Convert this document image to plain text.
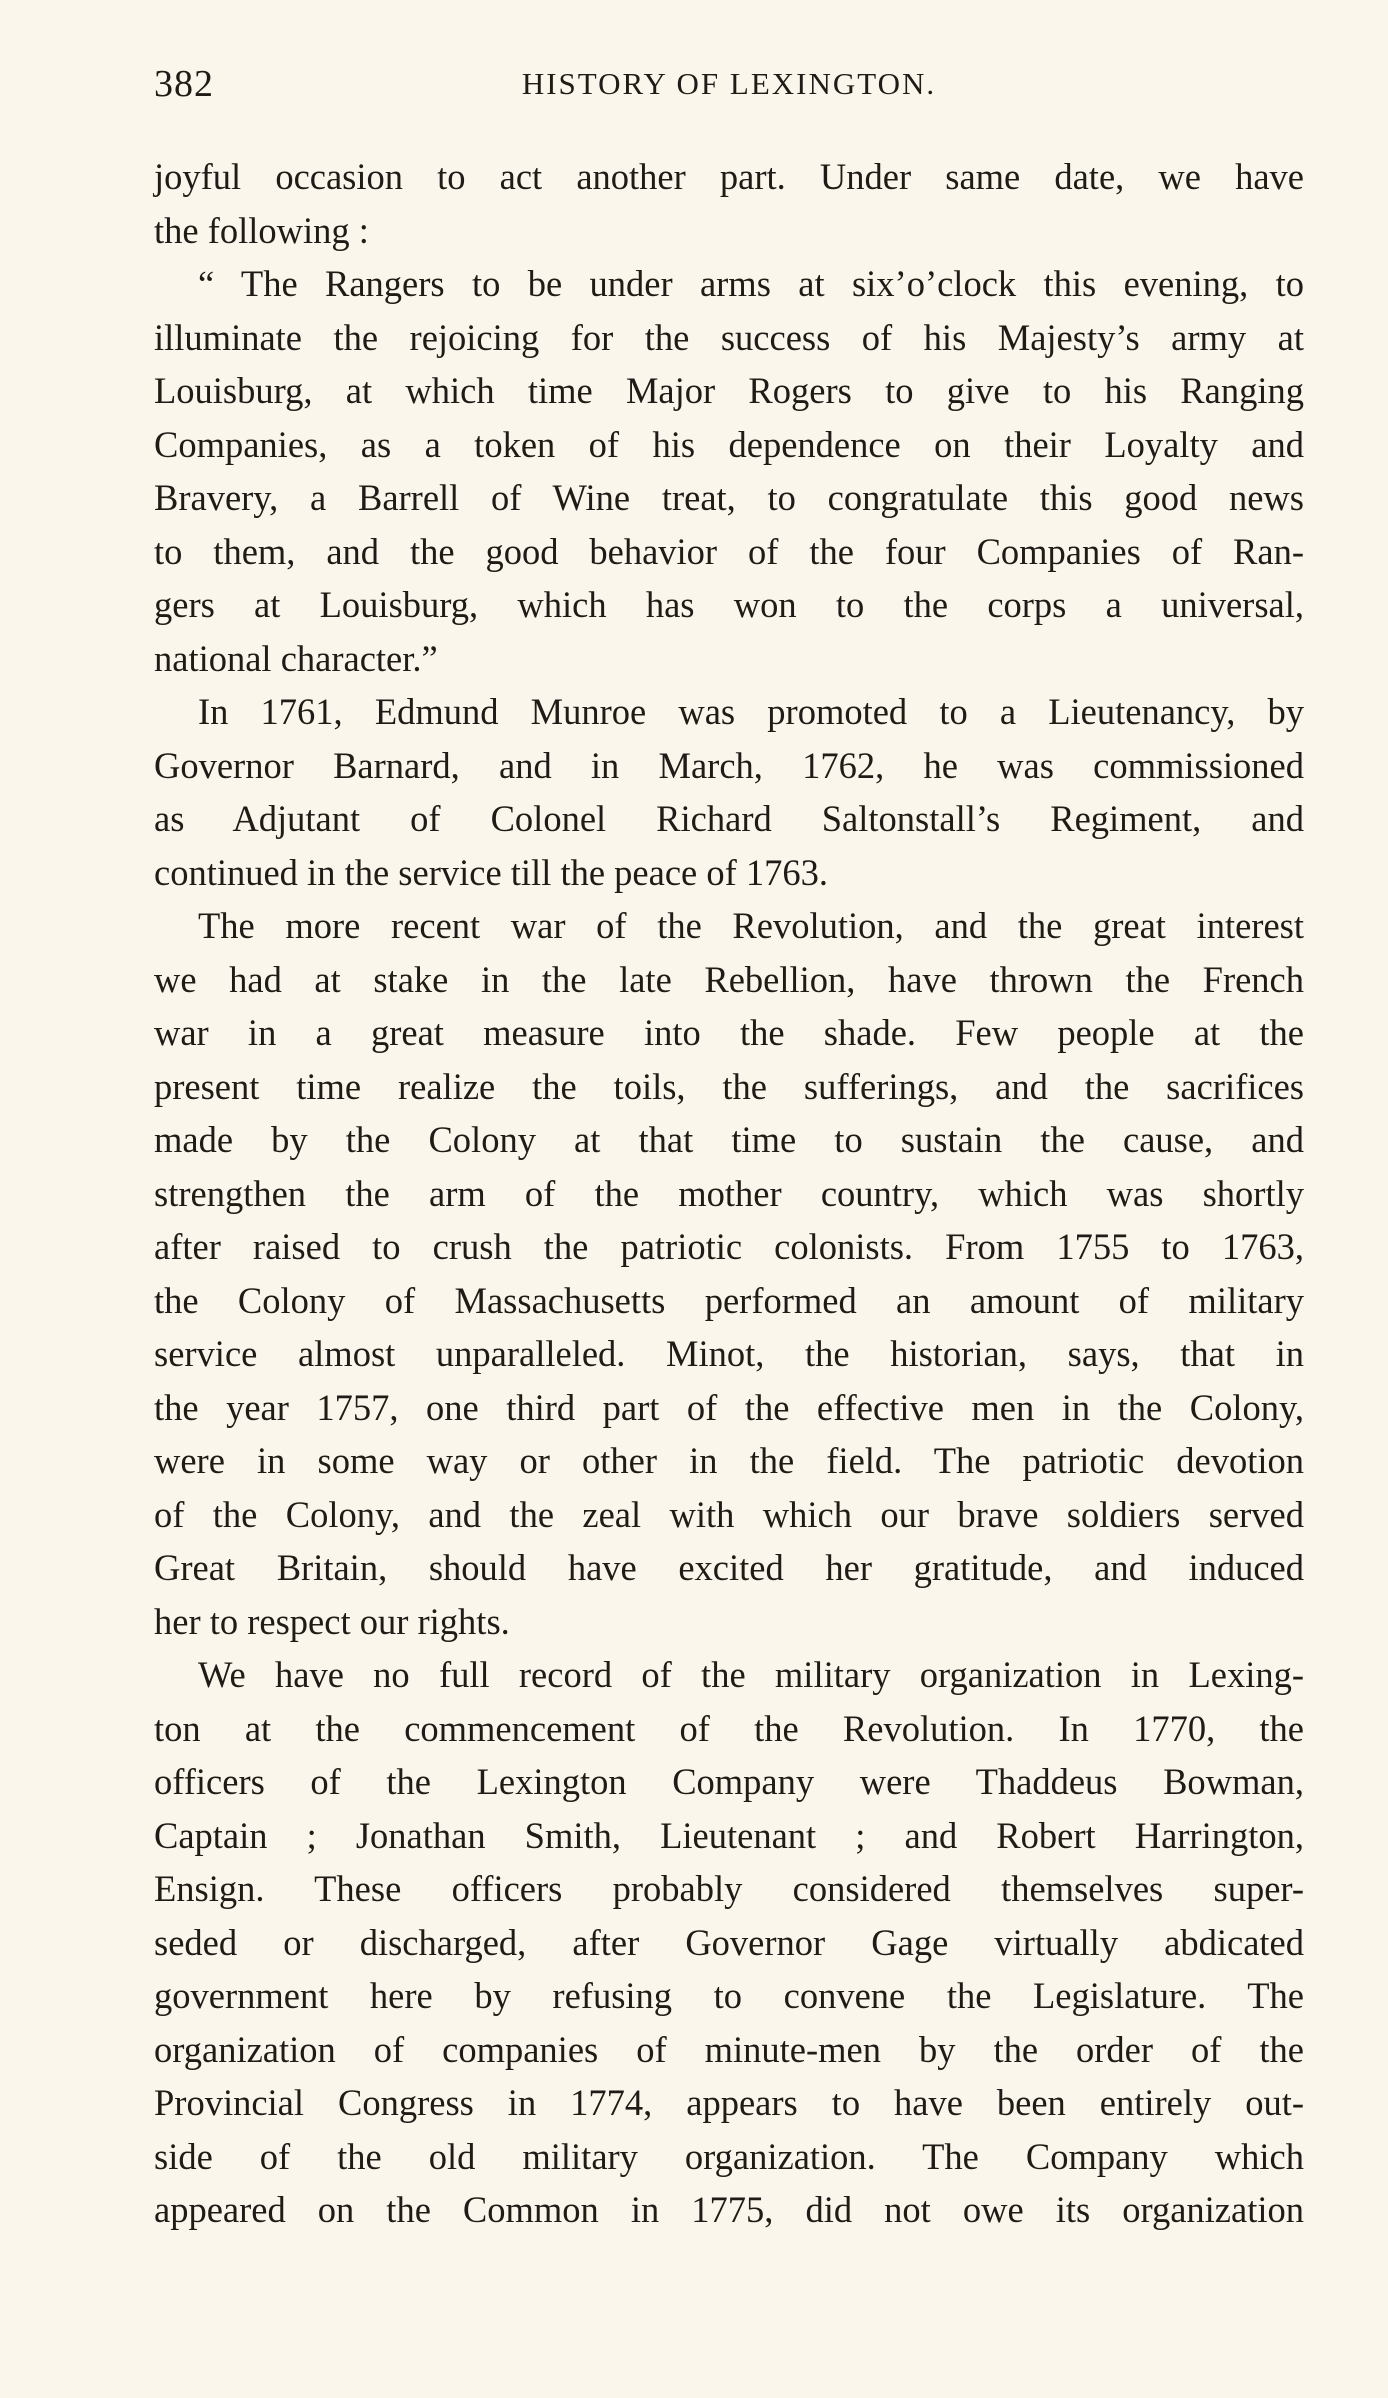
382	HISTORY OF LEXINGTON.
joyful occasion to act another part. Under same date, we have
the following :
“ The Rangers to be under arms at six’o’clock this evening, to
illuminate the rejoicing for the success of his Majesty’s army at
Louisburg, at which time Major Rogers to give to his Ranging
Companies, as a token of his dependence on their Loyalty and
Bravery, a Barrell of Wine treat, to congratulate this good news
to them, and the good behavior of the four Companies of Ran-
gers at Louisburg, which has won to the corps a universal,
national character.”
In 1761, Edmund Munroe was promoted to a Lieutenancy, by
Governor Barnard, and in March, 1762, he was commissioned
as Adjutant of Colonel Richard Saltonstall’s Regiment, and
continued in the service till the peace of 1763.
The more recent war of the Revolution, and the great interest
we had at stake in the late Rebellion, have thrown the French
war in a great measure into the shade. Few people at the
present time realize the toils, the sufferings, and the sacrifices
made by the Colony at that time to sustain the cause, and
strengthen the arm of the mother country, which was shortly
after raised to crush the patriotic colonists. From 1755 to 1763,
the Colony of Massachusetts performed an amount of military
service almost unparalleled. Minot, the historian, says, that in
the year 1757, one third part of the effective men in the Colony,
were in some way or other in the field. The patriotic devotion
of the Colony, and the zeal with which our brave soldiers served
Great Britain, should have excited her gratitude, and induced
her to respect our rights.
We have no full record of the military organization in Lexing-
ton at the commencement of the Revolution. In 1770, the
officers of the Lexington Company were Thaddeus Bowman,
Captain ; Jonathan Smith, Lieutenant ; and Robert Harrington,
Ensign. These officers probably considered themselves super-
seded or discharged, after Governor Gage virtually abdicated
government here by refusing to convene the Legislature. The
organization of companies of minute-men by the order of the
Provincial Congress in 1774, appears to have been entirely out-
side of the old military organization. The Company which
appeared on the Common in 1775, did not owe its organization
